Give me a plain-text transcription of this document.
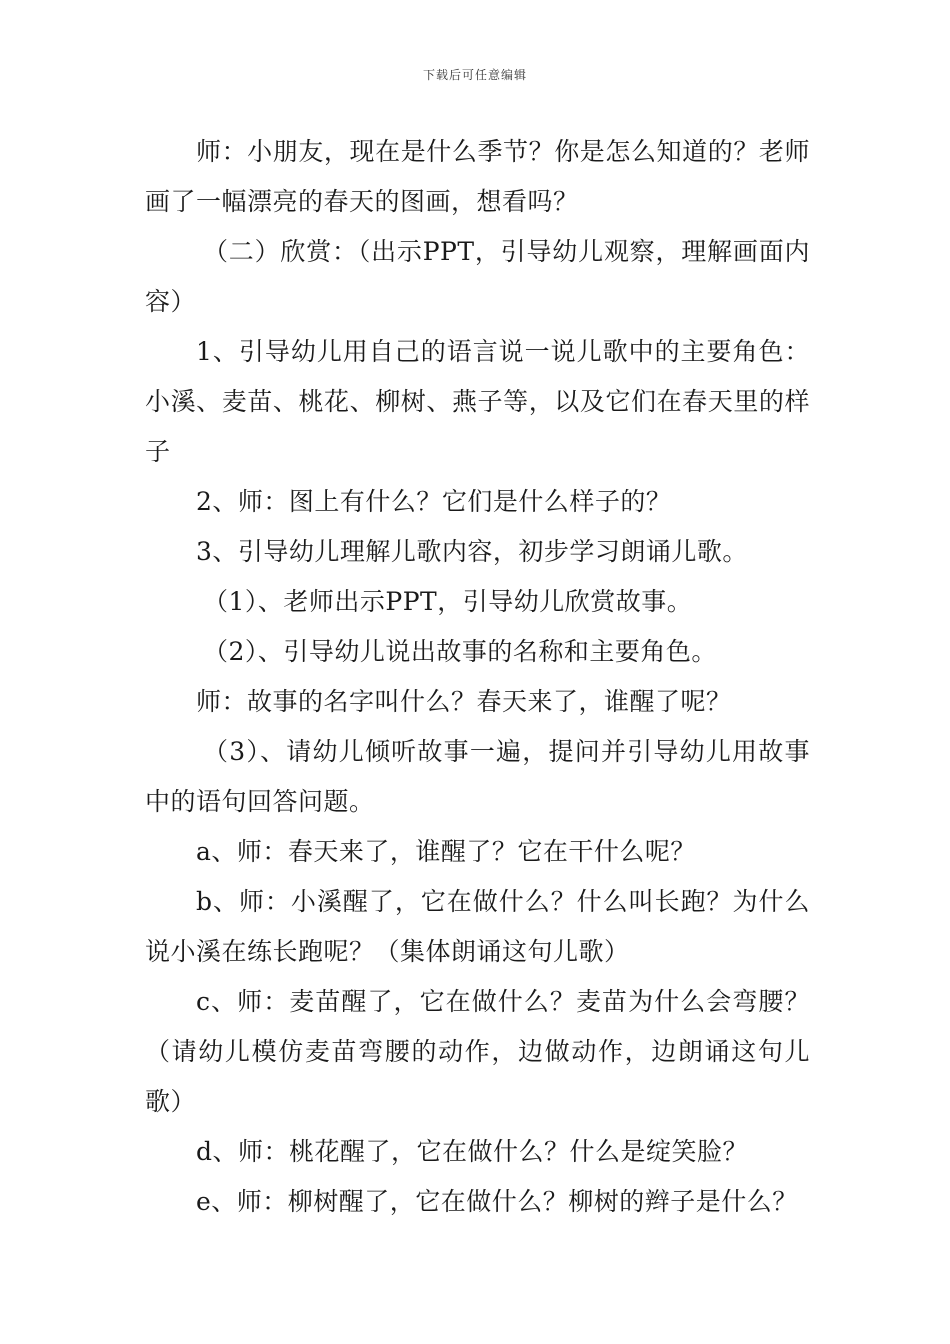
下载后可任意编辑

师：小朋友，现在是什么季节？你是怎么知道的？老师画了一幅漂亮的春天的图画，想看吗？

（二）欣赏：（出示PPT，引导幼儿观察，理解画面内容）

1、引导幼儿用自己的语言说一说儿歌中的主要角色：小溪、麦苗、桃花、柳树、燕子等，以及它们在春天里的样子

2、师：图上有什么？它们是什么样子的？

3、引导幼儿理解儿歌内容，初步学习朗诵儿歌。

（1）、老师出示PPT，引导幼儿欣赏故事。

（2）、引导幼儿说出故事的名称和主要角色。

师：故事的名字叫什么？春天来了，谁醒了呢？

（3）、请幼儿倾听故事一遍，提问并引导幼儿用故事中的语句回答问题。

a、师：春天来了，谁醒了？它在干什么呢？

b、师：小溪醒了，它在做什么？什么叫长跑？为什么说小溪在练长跑呢？（集体朗诵这句儿歌）

c、师：麦苗醒了，它在做什么？麦苗为什么会弯腰？（请幼儿模仿麦苗弯腰的动作，边做动作，边朗诵这句儿歌）

d、师：桃花醒了，它在做什么？什么是绽笑脸？

e、师：柳树醒了，它在做什么？柳树的辫子是什么？
